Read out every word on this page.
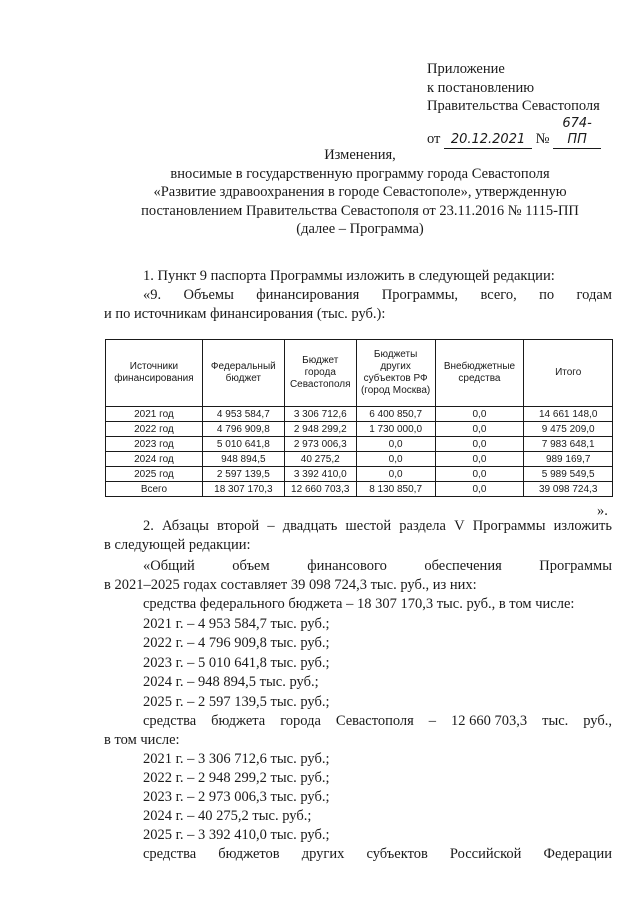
Приложение
к постановлению
Правительства Севастополя
от 20.12.2021 № 674-ПП
Изменения,
вносимые в государственную программу города Севастополя
«Развитие здравоохранения в городе Севастополе», утвержденную
постановлением Правительства Севастополя от 23.11.2016 № 1115-ПП
(далее – Программа)
1. Пункт 9 паспорта Программы изложить в следующей редакции:
«9. Объемы финансирования Программы, всего, по годам
и по источникам финансирования (тыс. руб.):
Источники финансирования	Федеральный бюджет	Бюджет города Севастополя	Бюджеты других субъектов РФ (город Москва)	Внебюджетные средства	Итого
2021 год	4 953 584,7	3 306 712,6	6 400 850,7	0,0	14 661 148,0
2022 год	4 796 909,8	2 948 299,2	1 730 000,0	0,0	9 475 209,0
2023 год	5 010 641,8	2 973 006,3	0,0	0,0	7 983 648,1
2024 год	948 894,5	40 275,2	0,0	0,0	989 169,7
2025 год	2 597 139,5	3 392 410,0	0,0	0,0	5 989 549,5
Всего	18 307 170,3	12 660 703,3	8 130 850,7	0,0	39 098 724,3
».
2. Абзацы второй – двадцать шестой раздела V Программы изложить
в следующей редакции:
«Общий	объем	финансового	обеспечения	Программы
в 2021–2025 годах составляет 39 098 724,3 тыс. руб., из них:
средства федерального бюджета – 18 307 170,3 тыс. руб., в том числе:
2021 г. – 4 953 584,7 тыс. руб.;
2022 г. – 4 796 909,8 тыс. руб.;
2023 г. – 5 010 641,8 тыс. руб.;
2024 г. – 948 894,5 тыс. руб.;
2025 г. – 2 597 139,5 тыс. руб.;
средства бюджета города Севастополя – 12 660 703,3 тыс. руб.,
в том числе:
2021 г. – 3 306 712,6 тыс. руб.;
2022 г. – 2 948 299,2 тыс. руб.;
2023 г. – 2 973 006,3 тыс. руб.;
2024 г. – 40 275,2 тыс. руб.;
2025 г. – 3 392 410,0 тыс. руб.;
средства бюджетов других субъектов Российской Федерации
